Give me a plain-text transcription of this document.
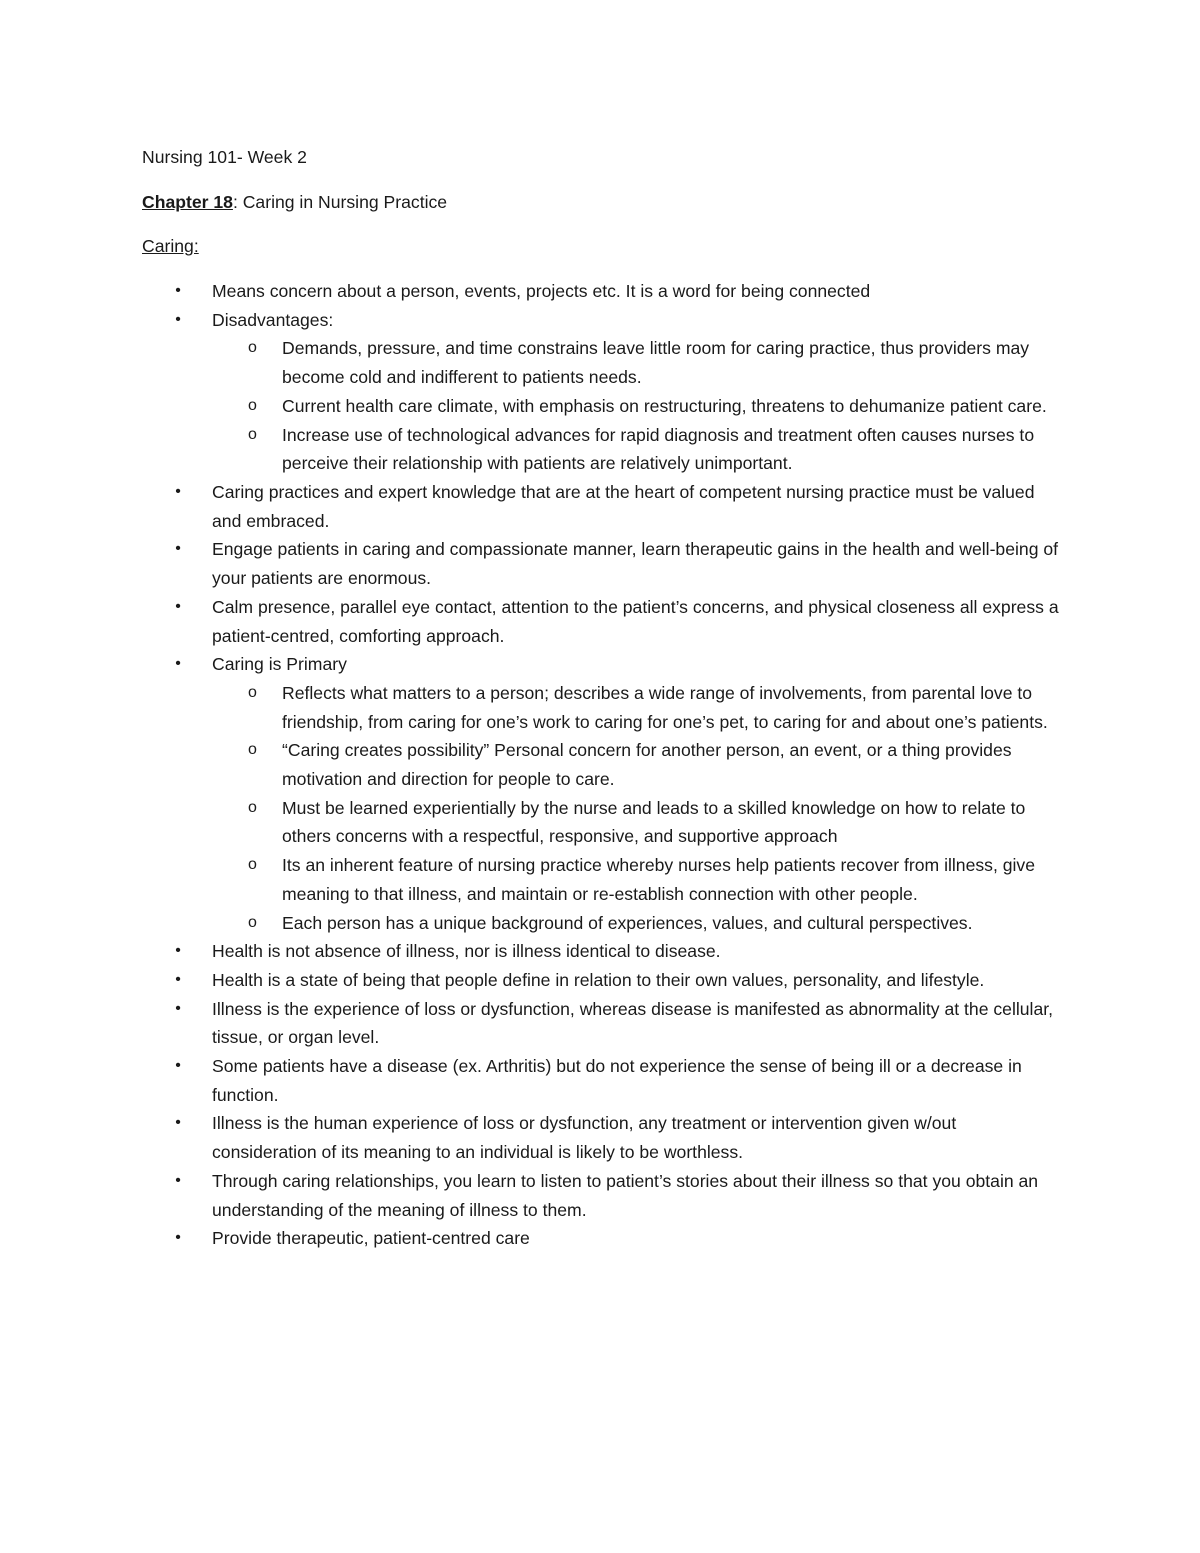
Nursing 101- Week 2

Chapter 18: Caring in Nursing Practice

Caring:

• Means concern about a person, events, projects etc. It is a word for being connected
• Disadvantages:
o Demands, pressure, and time constrains leave little room for caring practice, thus providers may become cold and indifferent to patients needs.
o Current health care climate, with emphasis on restructuring, threatens to dehumanize patient care.
o Increase use of technological advances for rapid diagnosis and treatment often causes nurses to perceive their relationship with patients are relatively unimportant.
• Caring practices and expert knowledge that are at the heart of competent nursing practice must be valued and embraced.
• Engage patients in caring and compassionate manner, learn therapeutic gains in the health and well-being of your patients are enormous.
• Calm presence, parallel eye contact, attention to the patient’s concerns, and physical closeness all express a patient-centred, comforting approach.
• Caring is Primary
o Reflects what matters to a person; describes a wide range of involvements, from parental love to friendship, from caring for one’s work to caring for one’s pet, to caring for and about one’s patients.
o “Caring creates possibility” Personal concern for another person, an event, or a thing provides motivation and direction for people to care.
o Must be learned experientially by the nurse and leads to a skilled knowledge on how to relate to others concerns with a respectful, responsive, and supportive approach
o Its an inherent feature of nursing practice whereby nurses help patients recover from illness, give meaning to that illness, and maintain or re-establish connection with other people.
o Each person has a unique background of experiences, values, and cultural perspectives.
• Health is not absence of illness, nor is illness identical to disease.
• Health is a state of being that people define in relation to their own values, personality, and lifestyle.
• Illness is the experience of loss or dysfunction, whereas disease is manifested as abnormality at the cellular, tissue, or organ level.
• Some patients have a disease (ex. Arthritis) but do not experience the sense of being ill or a decrease in function.
• Illness is the human experience of loss or dysfunction, any treatment or intervention given w/out consideration of its meaning to an individual is likely to be worthless.
• Through caring relationships, you learn to listen to patient’s stories about their illness so that you obtain an understanding of the meaning of illness to them.
• Provide therapeutic, patient-centred care
